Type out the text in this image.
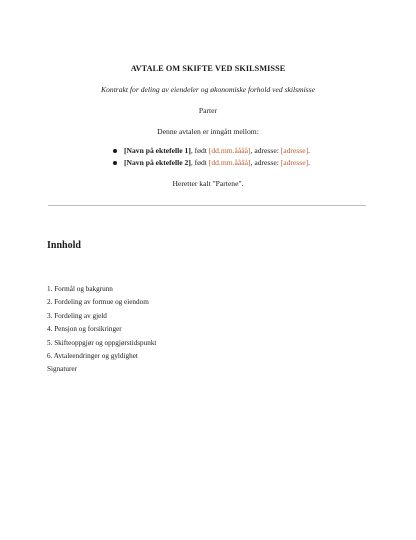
AVTALE OM SKIFTE VED SKILSMISSE
Kontrakt for deling av eiendeler og økonomiske forhold ved skilsmisse
Parter
Denne avtalen er inngått mellom:
[Navn på ektefelle 1], født [dd.mm.åååå], adresse: [adresse].
[Navn på ektefelle 2], født [dd.mm.åååå], adresse: [adresse].
Heretter kalt "Partene".
Innhold
1. Formål og bakgrunn
2. Fordeling av formue og eiendom
3. Fordeling av gjeld
4. Pensjon og forsikringer
5. Skifteoppgjør og oppgjørstidspunkt
6. Avtaleendringer og gyldighet
Signaturer
